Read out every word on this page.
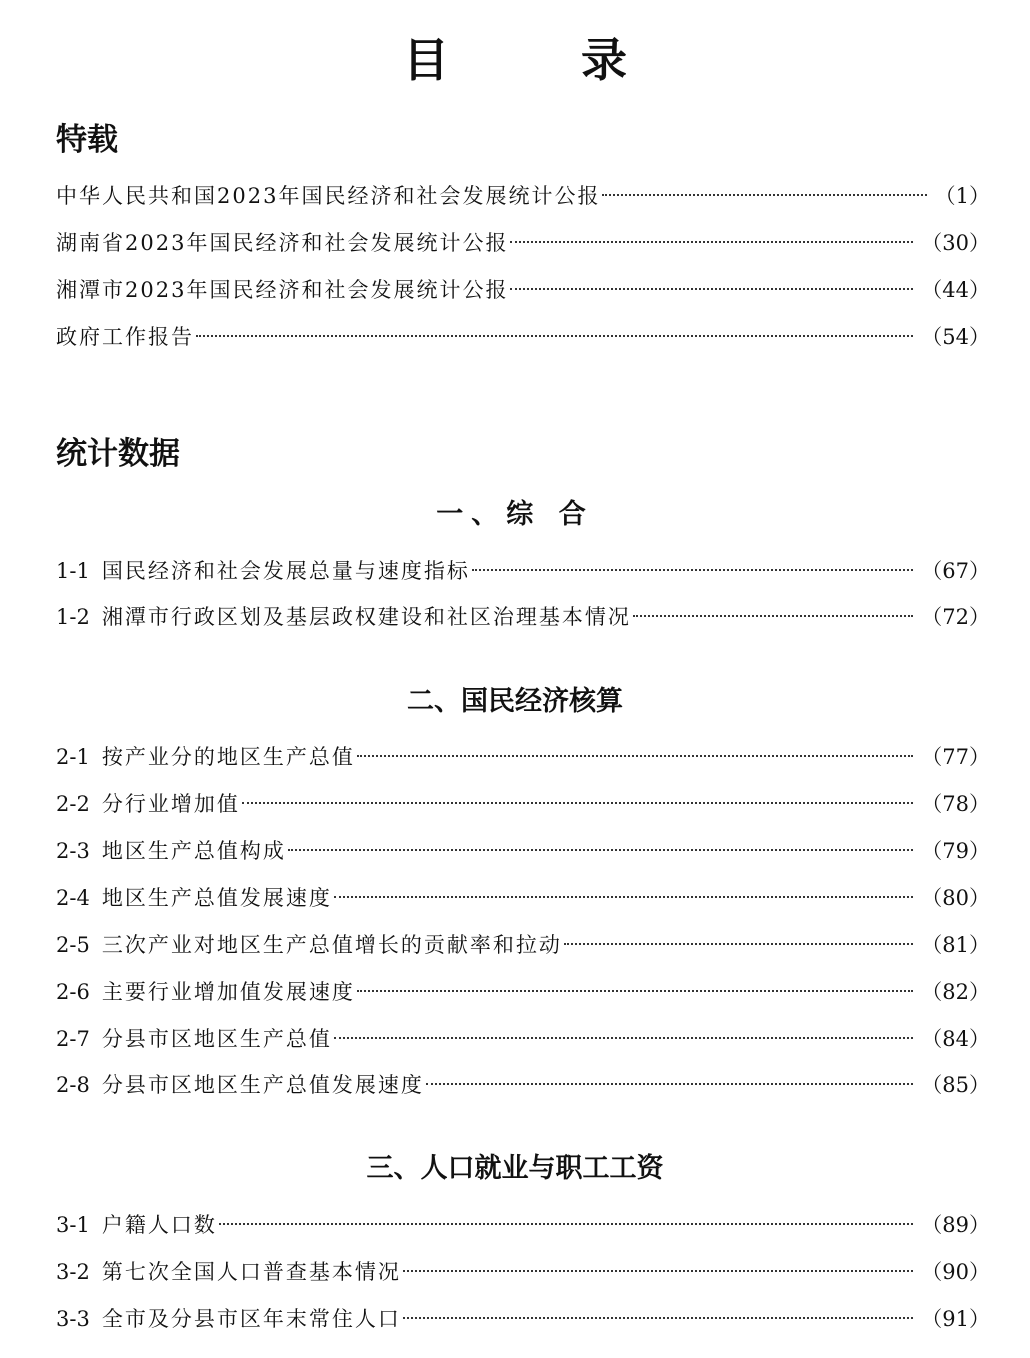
目 录
特载
中华人民共和国2023年国民经济和社会发展统计公报	（1）
湖南省2023年国民经济和社会发展统计公报	（30）
湘潭市2023年国民经济和社会发展统计公报	（44）
政府工作报告	（54）
统计数据
一、综 合
1-1 国民经济和社会发展总量与速度指标	（67）
1-2 湘潭市行政区划及基层政权建设和社区治理基本情况	（72）
二、国民经济核算
2-1 按产业分的地区生产总值	（77）
2-2 分行业增加值	（78）
2-3 地区生产总值构成	（79）
2-4 地区生产总值发展速度	（80）
2-5 三次产业对地区生产总值增长的贡献率和拉动	（81）
2-6 主要行业增加值发展速度	（82）
2-7 分县市区地区生产总值	（84）
2-8 分县市区地区生产总值发展速度	（85）
三、人口就业与职工工资
3-1 户籍人口数	（89）
3-2 第七次全国人口普查基本情况	（90）
3-3 全市及分县市区年末常住人口	（91）
